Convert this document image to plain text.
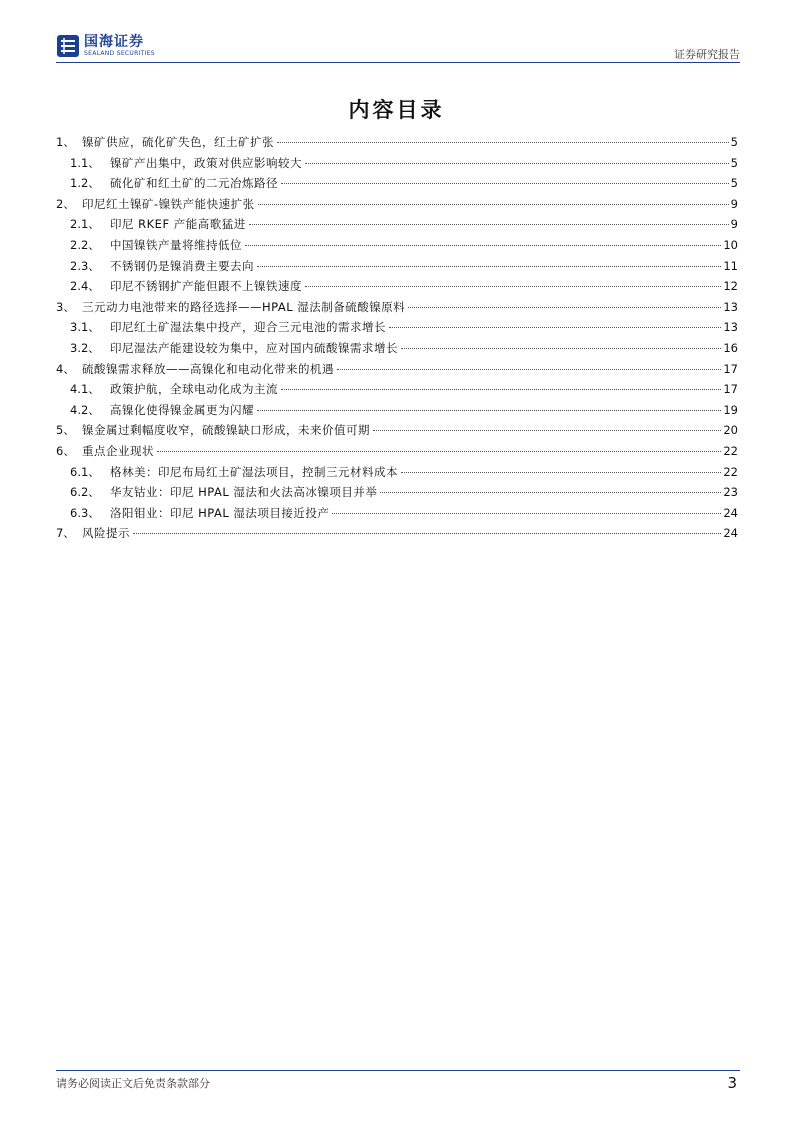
国海证券
SEALAND SECURITIES	证券研究报告
内容目录
1、 镍矿供应，硫化矿失色，红土矿扩张	5
1.1、 镍矿产出集中，政策对供应影响较大	5
1.2、 硫化矿和红土矿的二元冶炼路径	5
2、 印尼红土镍矿-镍铁产能快速扩张	9
2.1、 印尼 RKEF 产能高歌猛进	9
2.2、 中国镍铁产量将维持低位	10
2.3、 不锈钢仍是镍消费主要去向	11
2.4、 印尼不锈钢扩产能但跟不上镍铁速度	12
3、 三元动力电池带来的路径选择——HPAL 湿法制备硫酸镍原料	13
3.1、 印尼红土矿湿法集中投产，迎合三元电池的需求增长	13
3.2、 印尼湿法产能建设较为集中，应对国内硫酸镍需求增长	16
4、 硫酸镍需求释放——高镍化和电动化带来的机遇	17
4.1、 政策护航，全球电动化成为主流	17
4.2、 高镍化使得镍金属更为闪耀	19
5、 镍金属过剩幅度收窄，硫酸镍缺口形成，未来价值可期	20
6、 重点企业现状	22
6.1、 格林美：印尼布局红土矿湿法项目，控制三元材料成本	22
6.2、 华友钴业：印尼 HPAL 湿法和火法高冰镍项目并举	23
6.3、 洛阳钼业：印尼 HPAL 湿法项目接近投产	24
7、 风险提示	24
请务必阅读正文后免责条款部分	3
